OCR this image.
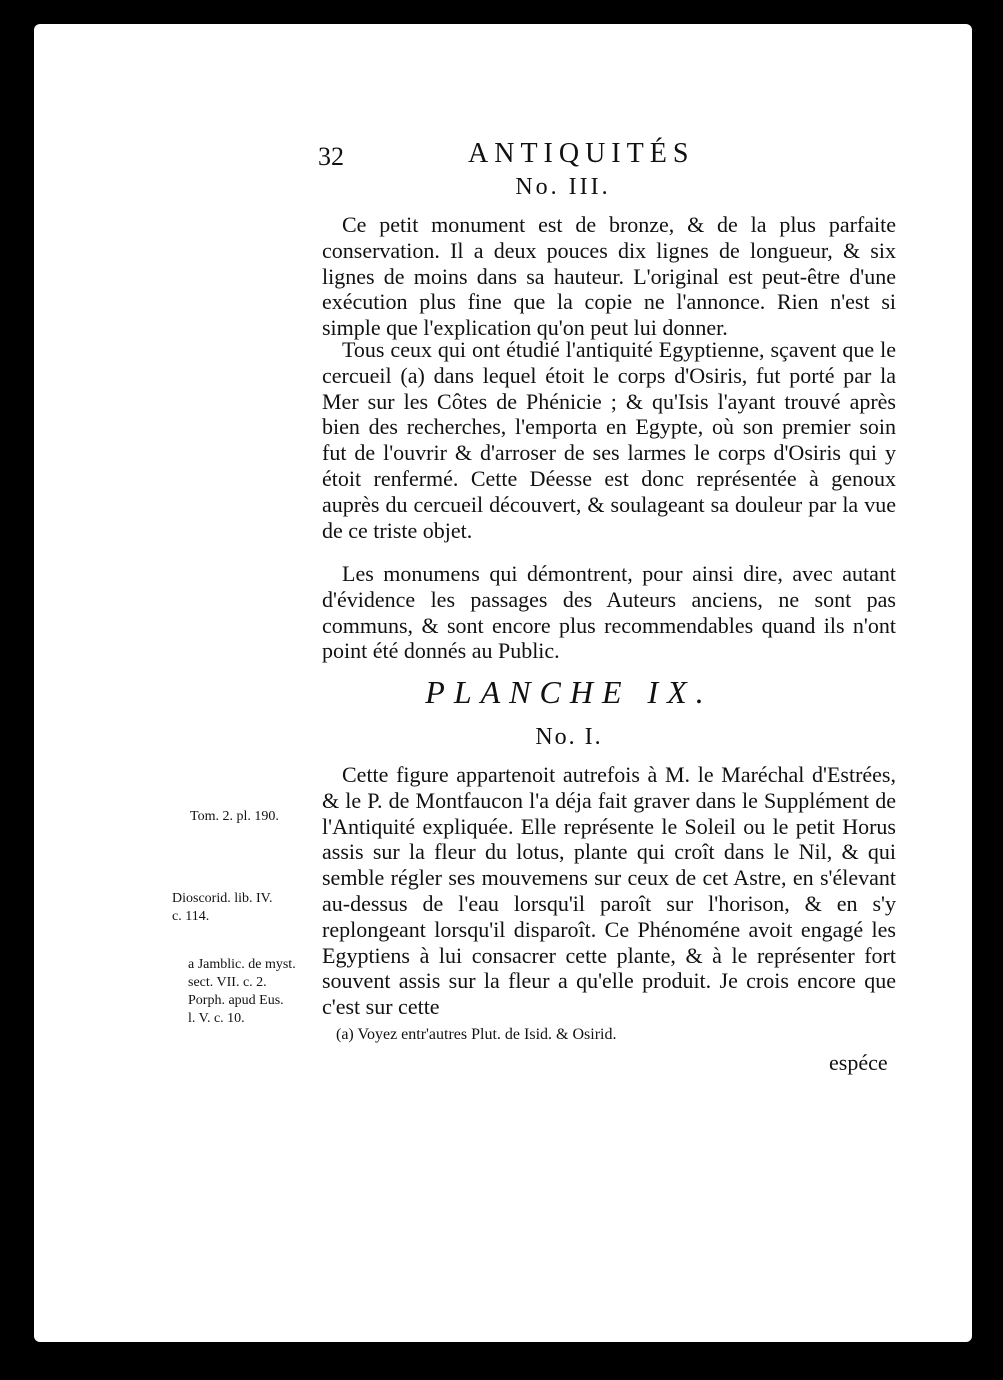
32	ANTIQUITÉS
No. III.

Ce petit monument est de bronze, & de la plus parfaite conservation. Il a deux pouces dix lignes de longueur, & six lignes de moins dans sa hauteur. L'original est peut-être d'une exécution plus fine que la copie ne l'annonce. Rien n'est si simple que l'explication qu'on peut lui donner.

Tous ceux qui ont étudié l'antiquité Egyptienne, sçavent que le cercueil (a) dans lequel étoit le corps d'Osiris, fut porté par la Mer sur les Côtes de Phénicie ; & qu'Isis l'ayant trouvé après bien des recherches, l'emporta en Egypte, où son premier soin fut de l'ouvrir & d'arroser de ses larmes le corps d'Osiris qui y étoit renfermé. Cette Déesse est donc représentée à genoux auprès du cercueil découvert, & soulageant sa douleur par la vue de ce triste objet.

Les monumens qui démontrent, pour ainsi dire, avec autant d'évidence les passages des Auteurs anciens, ne sont pas communs, & sont encore plus recommendables quand ils n'ont point été donnés au Public.

PLANCHE IX.
No. I.

Cette figure appartenoit autrefois à M. le Maréchal d'Estrées, & le P. de Montfaucon l'a déja fait graver dans le Supplément de l'Antiquité expliquée. Elle représente le Soleil ou le petit Horus assis sur la fleur du lotus, plante qui croît dans le Nil, & qui semble régler ses mouvemens sur ceux de cet Astre, en s'élevant au-dessus de l'eau lorsqu'il paroît sur l'horison, & en s'y replongeant lorsqu'il disparoît. Ce Phénoméne avoit engagé les Egyptiens à lui consacrer cette plante, & à le représenter fort souvent assis sur la fleur a qu'elle produit. Je crois encore que c'est sur cette

Tom. 2. pl. 190.
Dioscorid. lib. IV.
c. 114.
a Jamblic. de myst.
sect. VII. c. 2.
Porph. apud Eus.
l. V. c. 10.
(a) Voyez entr'autres Plut. de Isid. & Osirid.
espéce
